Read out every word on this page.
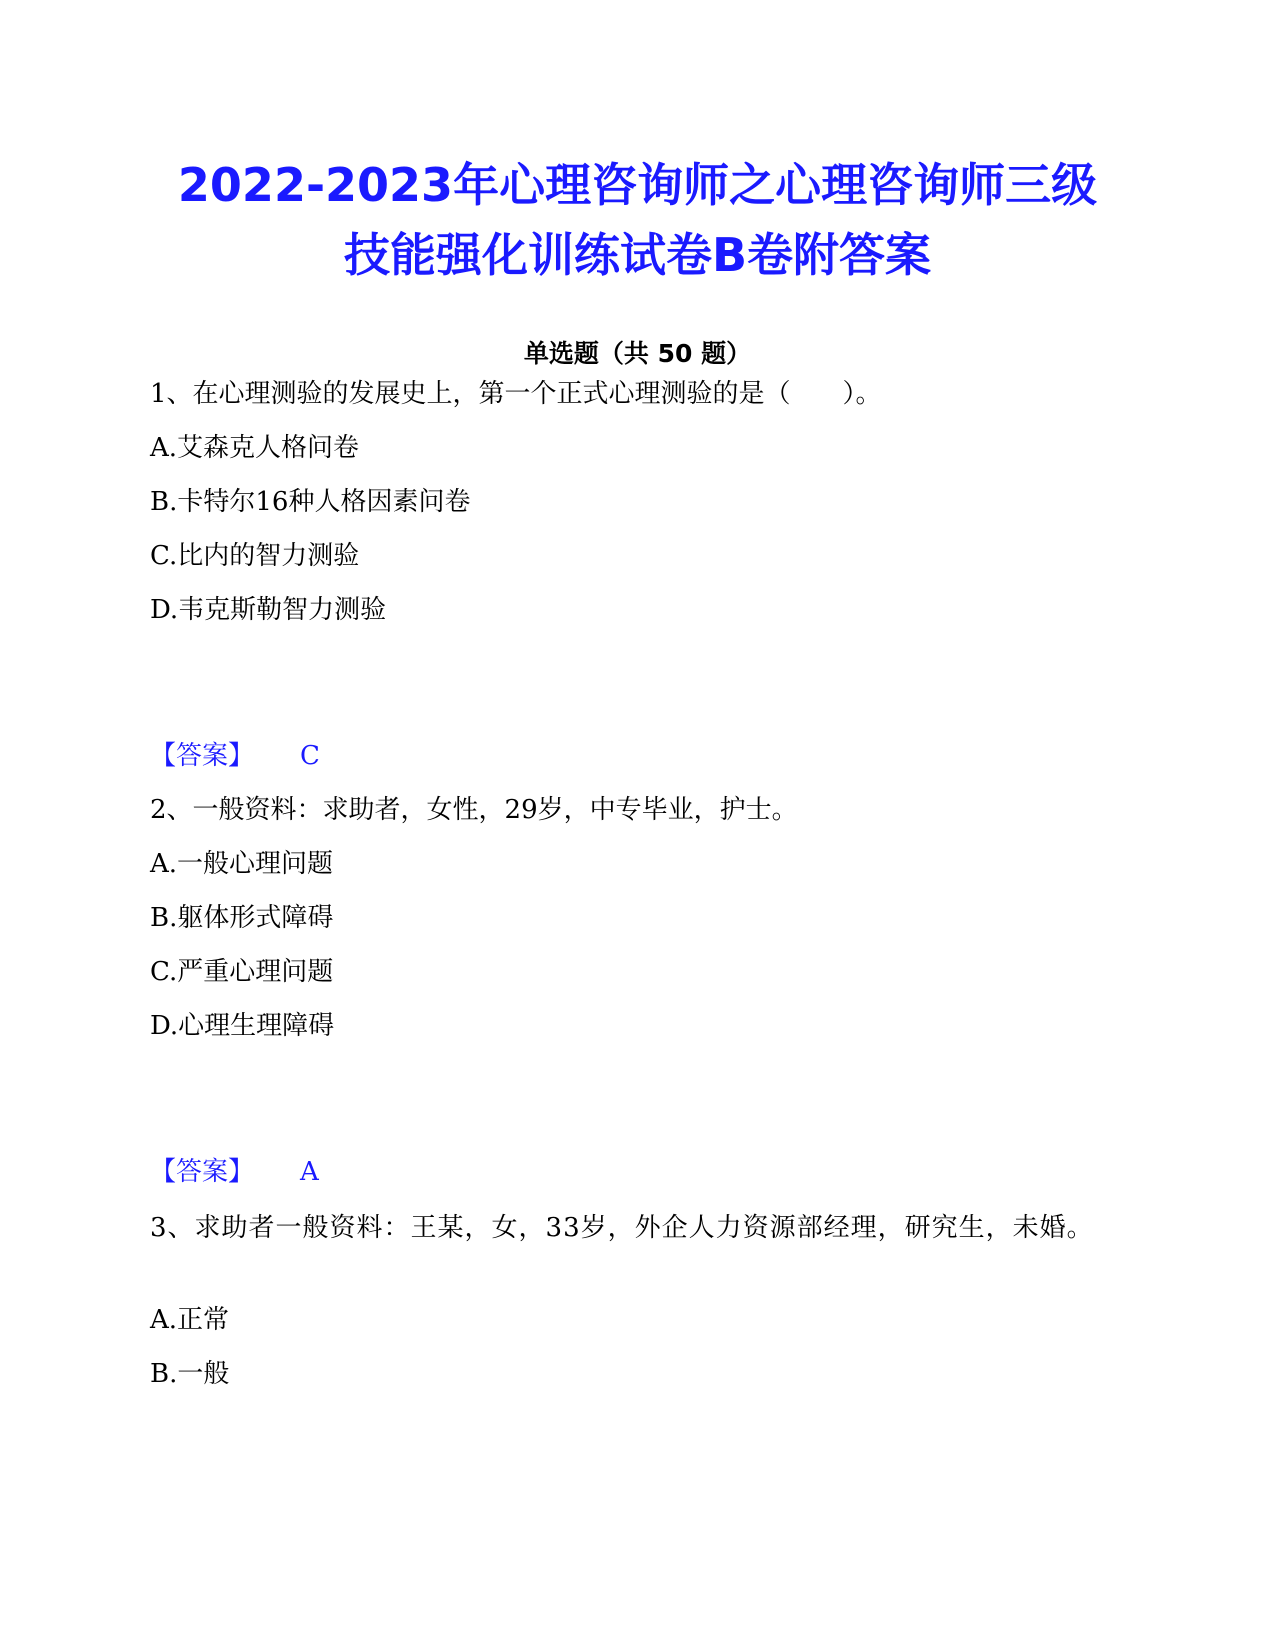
2022-2023年心理咨询师之心理咨询师三级
技能强化训练试卷B卷附答案
单选题（共 50 题）
1、在心理测验的发展史上，第一个正式心理测验的是（　　）。
A.艾森克人格问卷
B.卡特尔16种人格因素问卷
C.比内的智力测验
D.韦克斯勒智力测验
【答案】 C
2、一般资料：求助者，女性，29岁，中专毕业，护士。
A.一般心理问题
B.躯体形式障碍
C.严重心理问题
D.心理生理障碍
【答案】 A
3、求助者一般资料：王某，女，33岁，外企人力资源部经理，研究生，未婚。
A.正常
B.一般
